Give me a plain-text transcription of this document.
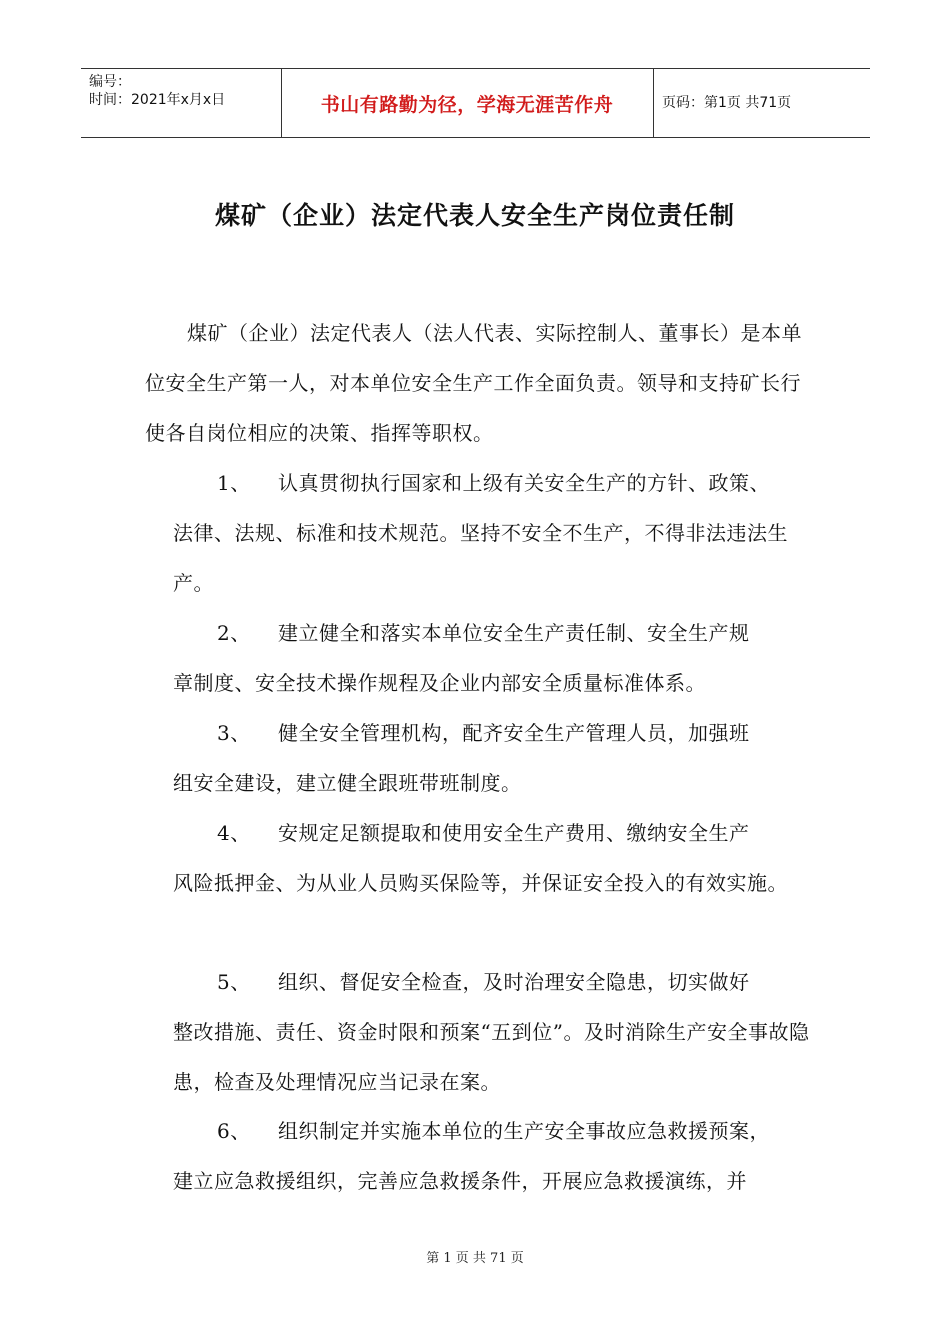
编号：
时间：2021年x月x日	书山有路勤为径，学海无涯苦作舟	页码：第1页 共71页
煤矿（企业）法定代表人安全生产岗位责任制

煤矿（企业）法定代表人（法人代表、实际控制人、董事长）是本单位安全生产第一人，对本单位安全生产工作全面负责。领导和支持矿长行使各自岗位相应的决策、指挥等职权。

1、	认真贯彻执行国家和上级有关安全生产的方针、政策、
法律、法规、标准和技术规范。坚持不安全不生产，不得非法违法生产。
2、	建立健全和落实本单位安全生产责任制、安全生产规
章制度、安全技术操作规程及企业内部安全质量标准体系。
3、	健全安全管理机构，配齐安全生产管理人员，加强班
组安全建设，建立健全跟班带班制度。
4、	安规定足额提取和使用安全生产费用、缴纳安全生产
风险抵押金、为从业人员购买保险等，并保证安全投入的有效实施。
5、	组织、督促安全检查，及时治理安全隐患，切实做好
整改措施、责任、资金时限和预案“五到位”。及时消除生产安全事故隐患，检查及处理情况应当记录在案。
6、	组织制定并实施本单位的生产安全事故应急救援预案，
建立应急救援组织，完善应急救援条件，开展应急救援演练，并
第 1 页 共 71 页
